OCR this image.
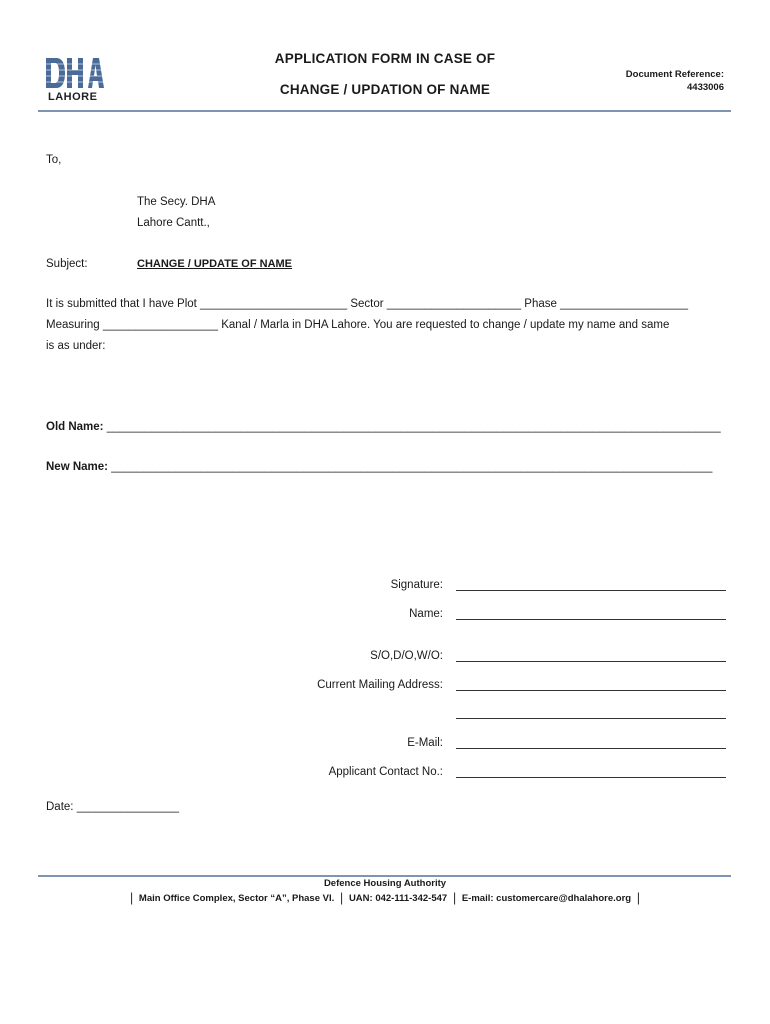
LAHORE
APPLICATION FORM IN CASE OF
CHANGE / UPDATION OF NAME
Document Reference:
4433006
To,
The Secy. DHA
Lahore Cantt.,
Subject:	CHANGE / UPDATE OF NAME
It is submitted that I have Plot _______________________ Sector _____________________ Phase ____________________
Measuring __________________ Kanal / Marla in DHA Lahore. You are requested to change / update my name and same
is as under:
Old Name: ________________________________________________________________________________________________
New Name: ______________________________________________________________________________________________
Signature:
Name:
S/O,D/O,W/O:
Current Mailing Address:
E-Mail:
Applicant Contact No.:
Date: ________________
Defence Housing Authority
| Main Office Complex, Sector “A”, Phase VI. | UAN: 042-111-342-547 | E-mail: customercare@dhalahore.org |
